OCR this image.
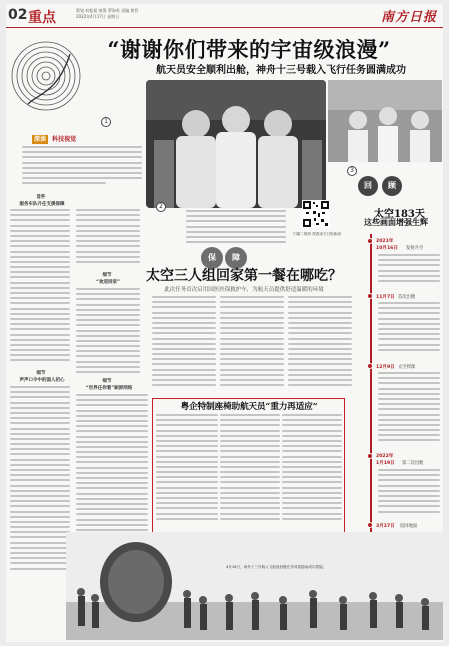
02 重点	策划 何振韬 统筹 罗海英 责编 黄哲
2022年4月17日 星期日	南方日报
“谢谢你们带来的宇宙级浪漫”
航天员安全顺利出舱，神舟十三号载入飞行任务圆满成功
2
3
1
深读 科技视觉
首件
服务车队升任支援保障
细节
声声口令中的国人初心
细节
“欢迎回家”
细节
“世界任你看”刷屏网络
扫描二维码 观看南方日报新闻
保	障
太空三人组回家第一餐在哪吃？
此次任务首次启用国医医保救护车，为航天员提供舒适温暖的环境
回	顾
太空183天
这些画面增强生辉
2021年
10月16日 发射升空
11月7日 首次出舱
12月9日 太空授课
2022年
1月19日 第二次出舱
3月27日 返回地面
粤企特制座椅助航天员“重力再适应”
4月16日，神舟十三号载人飞船返回舱在东风着陆场成功着陆。
